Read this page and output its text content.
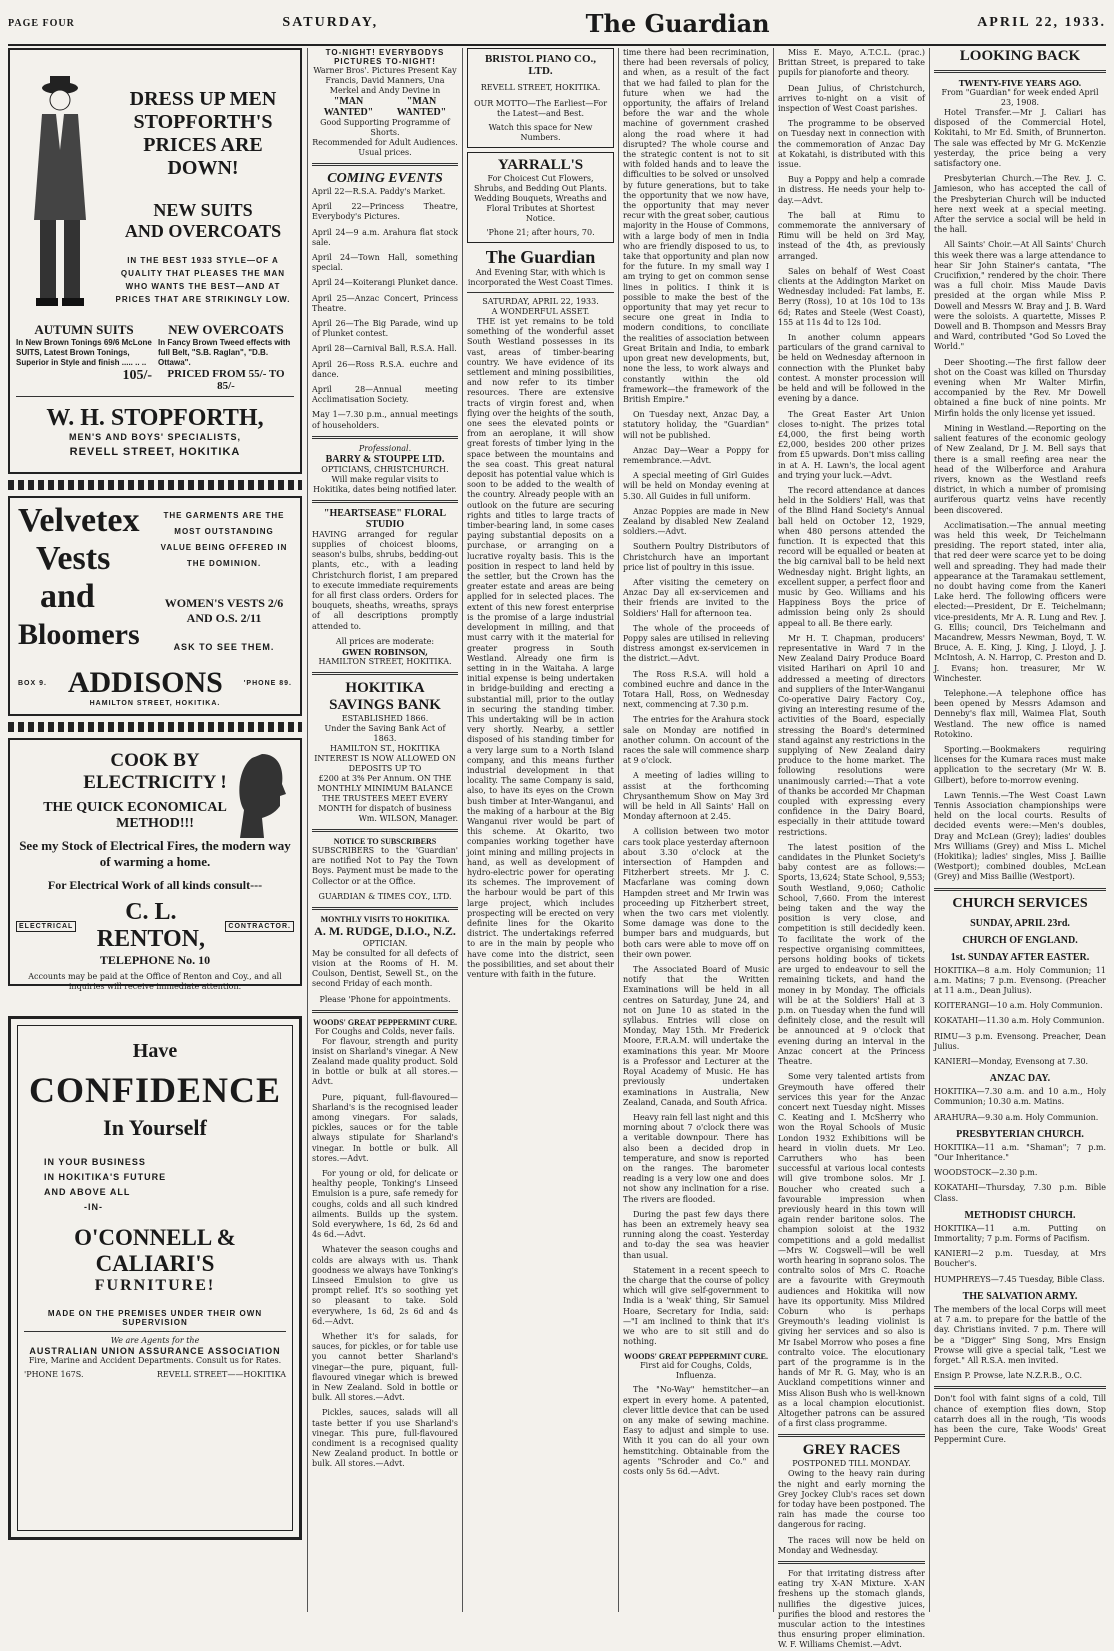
PAGE FOUR	SATURDAY,	The Guardian	APRIL 22, 1933.
DRESS UP MEN
STOPFORTH'S
PRICES ARE DOWN!
NEW SUITS
AND OVERCOATS
IN THE BEST 1933 STYLE—OF A QUALITY THAT PLEASES THE MAN WHO WANTS THE BEST—AND AT PRICES THAT ARE STRIKINGLY LOW.
AUTUMN SUITS
In New Brown Tonings 69/6 McLone SUITS, Latest Brown Tonings, Superior in Style and finish ..... .. ..
105/-
NEW OVERCOATS
In Fancy Brown Tweed effects with full Belt, "S.B. Raglan", "D.B. Ottawa".
PRICED FROM 55/- TO 85/-
W. H. STOPFORTH,
MEN'S AND BOYS' SPECIALISTS,
REVELL STREET, HOKITIKA
Velvetex
Vests
and
Bloomers
THE GARMENTS ARE THE MOST OUTSTANDING VALUE BEING OFFERED IN THE DOMINION.
WOMEN'S VESTS 2/6
AND O.S. 2/11
ASK TO SEE THEM.
BOX 9. ADDISONS	'PHONE 89.
HAMILTON STREET, HOKITIKA.
COOK BY
ELECTRICITY !
THE QUICK ECONOMICAL
METHOD!!!
See my Stock of Electrical Fires, the modern way of warming a home.
For Electrical Work of all kinds consult---
ELECTRICAL
C. L. RENTON,	CONTRACTOR.
TELEPHONE No. 10
Accounts may be paid at the Office of Renton and Coy., and all inquiries will receive immediate attention.
Have
CONFIDENCE
In Yourself
IN YOUR BUSINESS
IN HOKITIKA'S FUTURE
AND ABOVE ALL
-IN-
O'CONNELL & CALIARI'S
FURNITURE!
MADE ON THE PREMISES UNDER THEIR OWN SUPERVISION
We are Agents for the
AUSTRALIAN UNION ASSURANCE ASSOCIATION
Fire, Marine and Accident Departments. Consult us for Rates.
'PHONE 167S.	REVELL STREET——HOKITIKA
TO-NIGHT! EVERYBODYS PICTURES TO-NIGHT!
Warner Bros'. Pictures Present Kay Francis, David Manners, Una Merkel and Andy Devine in
"MAN WANTED"
"MAN WANTED"
Good Supporting Programme of Shorts.
Recommended for Adult Audiences. Usual prices.
COMING EVENTS
April 22—R.S.A. Paddy's Market.
April 22—Princess Theatre, Everybody's Pictures.
April 24—9 a.m. Arahura flat stock sale.
April 24—Town Hall, something special.
April 24—Koiterangi Plunket dance.
April 25—Anzac Concert, Princess Theatre.
April 26—The Big Parade, wind up of Plunket contest.
April 28—Carnival Ball, R.S.A. Hall.
April 26—Ross R.S.A. euchre and dance.
April 28—Annual meeting Acclimatisation Society.
May 1—7.30 p.m., annual meetings of householders.
Professional.
BARRY & STOUPPE LTD.
OPTICIANS, CHRISTCHURCH.
Will make regular visits to Hokitika, dates being notified later.
"HEARTSEASE" FLORAL STUDIO
HAVING arranged for regular supplies of choicest blooms, season's bulbs, shrubs, bedding-out plants, etc., with a leading Christchurch florist, I am prepared to execute immediate requirements for all first class orders. Orders for bouquets, sheaths, wreaths, sprays of all descriptions promptly attended to.
All prices are moderate:
GWEN ROBINSON,
HAMILTON STREET, HOKITIKA.
HOKITIKA
SAVINGS BANK
ESTABLISHED 1866.
Under the Saving Bank Act of 1863.
HAMILTON ST., HOKITIKA
INTEREST IS NOW ALLOWED ON DEPOSITS UP TO
£200 at 3% Per Annum. ON THE MONTHLY MINIMUM BALANCE
THE TRUSTEES MEET EVERY MONTH for dispatch of business
Wm. WILSON, Manager.
NOTICE TO SUBSCRIBERS
SUBSCRIBERS to the 'Guardian' are notified Not to Pay the Town Boys. Payment must be made to the Collector or at the Office.
GUARDIAN & TIMES COY., LTD.
MONTHLY VISITS TO HOKITIKA.
A. M. RUDGE, D.I.O., N.Z.
OPTICIAN.
May be consulted for all defects of vision at the Rooms of H. M. Coulson, Dentist, Sewell St., on the second Friday of each month.
Please 'Phone for appointments.
WOODS' GREAT PEPPERMINT CURE.
For Coughs and Colds, never fails.
For flavour, strength and purity insist on Sharland's vinegar. A New Zealand made quality product. Sold in bottle or bulk at all stores.—Advt.
Pure, piquant, full-flavoured—Sharland's is the recognised leader among vinegars. For salads, pickles, sauces or for the table always stipulate for Sharland's vinegar. In bottle or bulk. All stores.—Advt.
For young or old, for delicate or healthy people, Tonking's Linseed Emulsion is a pure, safe remedy for coughs, colds and all such kindred ailments. Builds up the system. Sold everywhere, 1s 6d, 2s 6d and 4s 6d.—Advt.
Whatever the season coughs and colds are always with us. Thank goodness we always have Tonking's Linseed Emulsion to give us prompt relief. It's so soothing yet so pleasant to take. Sold everywhere, 1s 6d, 2s 6d and 4s 6d.—Advt.
Whether it's for salads, for sauces, for pickles, or for table use you cannot better Sharland's vinegar—the pure, piquant, full-flavoured vinegar which is brewed in New Zealand. Sold in bottle or bulk. All stores.—Advt.
Pickles, sauces, salads will all taste better if you use Sharland's vinegar. This pure, full-flavoured condiment is a recognised quality New Zealand product. In bottle or bulk. All stores.—Advt.
BRISTOL PIANO CO., LTD.
REVELL STREET, HOKITIKA.
OUR MOTTO—The Earliest—For the Latest—and Best.
Watch this space for New Numbers.
YARRALL'S
For Choicest Cut Flowers, Shrubs, and Bedding Out Plants.
Wedding Bouquets, Wreaths and Floral Tributes at Shortest Notice.
'Phone 21; after hours, 70.
The Guardian
And Evening Star, with which is incorporated the West Coast Times.
SATURDAY, APRIL 22, 1933.
A WONDERFUL ASSET.
THE ist yet remains to be told something of the wonderful asset South Westland possesses in its vast, areas of timber-bearing country. We have evidence of its settlement and mining possibilities, and now refer to its timber resources. There are extensive tracts of virgin forest and, when flying over the heights of the south, one sees the elevated points or from an aeroplane, it will show great forests of timber lying in the space between the mountains and the sea coast. This great natural deposit has potential value which is soon to be added to the wealth of the country. Already people with an outlook on the future are securing rights and titles to large tracts of timber-bearing land, in some cases paying substantial deposits on a purchase, or arranging on a lucrative royalty basis. This is the position in respect to land held by the settler, but the Crown has the greater estate and areas are being applied for in selected places. The extent of this new forest enterprise is the promise of a large industrial development in milling, and that must carry with it the material for greater progress in South Westland. Already one firm is setting in in the Waitaha. A large initial expense is being undertaken in bridge-building and erecting a substantial mill, prior to the outlay in securing the standing timber. This undertaking will be in action very shortly. Nearby, a settler disposed of his standing timber for a very large sum to a North Island company, and this means further industrial development in that locality. The same Company is said, also, to have its eyes on the Crown bush timber at Inter-Wanganui, and the making of a harbour at the Big Wanganui river would be part of this scheme. At Okarito, two companies working together have joint mining and milling projects in hand, as well as development of hydro-electric power for operating its schemes. The improvement of the harbour would be part of this large project, which includes prospecting will be erected on very definite lines for the Okarito district. The undertakings referred to are in the main by people who have come into the district, seen the possibilities, and set about their venture with faith in the future.
time there had been recrimination, there had been reversals of policy, and when, as a result of the fact that we had failed to plan for the future when we had the opportunity, the affairs of Ireland before the war and the whole machine of government crashed along the road where it had disrupted? The whole course and the strategic content is not to sit with folded hands and to leave the difficulties to be solved or unsolved by future generations, but to take the opportunity that we now have, the opportunity that may never recur with the great sober, cautious majority in the House of Commons, with a large body of men in India who are friendly disposed to us, to take that opportunity and plan now for the future. In my small way I am trying to get on common sense lines in politics. I think it is possible to make the best of the opportunity that may yet recur to secure one great in India to modern conditions, to conciliate the realities of association between Great Britain and India, to embark upon great new developments, but, none the less, to work always and constantly within the old framework—the framework of the British Empire."
On Tuesday next, Anzac Day, a statutory holiday, the "Guardian" will not be published.
Anzac Day—Wear a Poppy for remembrance.—Advt.
A special meeting of Girl Guides will be held on Monday evening at 5.30. All Guides in full uniform.
Anzac Poppies are made in New Zealand by disabled New Zealand soldiers.—Advt.
Southern Poultry Distributors of Christchurch have an important price list of poultry in this issue.
After visiting the cemetery on Anzac Day all ex-servicemen and their friends are invited to the Soldiers' Hall for afternoon tea.
The whole of the proceeds of Poppy sales are utilised in relieving distress amongst ex-servicemen in the district.—Advt.
The Ross R.S.A. will hold a combined euchre and dance in the Totara Hall, Ross, on Wednesday next, commencing at 7.30 p.m.
The entries for the Arahura stock sale on Monday are notified in another column. On account of the races the sale will commence sharp at 9 o'clock.
A meeting of ladies willing to assist at the forthcoming Chrysanthemum Show on May 3rd will be held in All Saints' Hall on Monday afternoon at 2.45.
A collision between two motor cars took place yesterday afternoon about 3.30 o'clock at the intersection of Hampden and Fitzherbert streets. Mr J. C. Macfarlane was coming down Hampden street and Mr Irwin was proceeding up Fitzherbert street, when the two cars met violently. Some damage was done to the bumper bars and mudguards, but both cars were able to move off on their own power.
The Associated Board of Music notify that the Written Examinations will be held in all centres on Saturday, June 24, and not on June 10 as stated in the syllabus. Entries will close on Monday, May 15th. Mr Frederick Moore, F.R.A.M. will undertake the examinations this year. Mr Moore is a Professor and Lecturer at the Royal Academy of Music. He has previously undertaken examinations in Australia, New Zealand, Canada, and South Africa.
Heavy rain fell last night and this morning about 7 o'clock there was a veritable downpour. There has also been a decided drop in temperature, and snow is reported on the ranges. The barometer reading is a very low one and does not show any inclination for a rise. The rivers are flooded.
During the past few days there has been an extremely heavy sea running along the coast. Yesterday and to-day the sea was heavier than usual.
Statement in a recent speech to the charge that the course of policy which will give self-government to India is a 'weak' thing, Sir Samuel Hoare, Secretary for India, said:—"I am inclined to think that it's we who are to sit still and do nothing.
WOODS' GREAT PEPPERMINT CURE.
First aid for Coughs, Colds, Influenza.
The "No-Way" hemstitcher—an expert in every home. A patented, clever little device that can be used on any make of sewing machine. Easy to adjust and simple to use. With it you can do all your own hemstitching. Obtainable from the agents "Schroder and Co." and costs only 5s 6d.—Advt.
Miss E. Mayo, A.T.C.L. (prac.) Brittan Street, is prepared to take pupils for pianoforte and theory.
Dean Julius, of Christchurch, arrives to-night on a visit of inspection of West Coast parishes.
The programme to be observed on Tuesday next in connection with the commemoration of Anzac Day at Kokatahi, is distributed with this issue.
Buy a Poppy and help a comrade in distress. He needs your help to-day.—Advt.
The ball at Rimu to commemorate the anniversary of Rimu will be held on 3rd May, instead of the 4th, as previously arranged.
Sales on behalf of West Coast clients at the Addington Market on Wednesday included: Fat lambs, E. Berry (Ross), 10 at 10s 10d to 13s 6d; Rates and Steele (West Coast), 155 at 11s 4d to 12s 10d.
In another column appears particulars of the grand carnival to be held on Wednesday afternoon in connection with the Plunket baby contest. A monster procession will be held and will be followed in the evening by a dance.
The Great Easter Art Union closes to-night. The prizes total £4,000, the first being worth £2,000, besides 200 other prizes from £5 upwards. Don't miss calling in at A. H. Lawn's, the local agent and trying your luck.—Advt.
The record attendance at dances held in the Soldiers' Hall, was that of the Blind Hand Society's Annual ball held on October 12, 1929, when 480 persons attended the function. It is expected that this record will be equalled or beaten at the big carnival ball to be held next Wednesday night. Bright lights, an excellent supper, a perfect floor and music by Geo. Williams and his Happiness Boys the price of admission being only 2s should appeal to all. Be there early.
Mr H. T. Chapman, producers' representative in Ward 7 in the New Zealand Dairy Produce Board visited Harihari on April 10 and addressed a meeting of directors and suppliers of the Inter-Wanganui Co-operative Dairy Factory Coy., giving an interesting resume of the activities of the Board, especially stressing the Board's determined stand against any restrictions in the supplying of New Zealand dairy produce to the home market. The following resolutions were unanimously carried:—That a vote of thanks be accorded Mr Chapman coupled with expressing every confidence in the Dairy Board, especially in their attitude toward restrictions.
The latest position of the candidates in the Plunket Society's baby contest are as follows:—Sports, 13,624; State School, 9,553; South Westland, 9,060; Catholic School, 7,660. From the interest being taken and the way the position is very close, and competition is still decidedly keen. To facilitate the work of the respective organising committees, persons holding books of tickets are urged to endeavour to sell the remaining tickets, and hand the money in by Monday. The officials will be at the Soldiers' Hall at 3 p.m. on Tuesday when the fund will definitely close, and the result will be announced at 9 o'clock that evening during an interval in the Anzac concert at the Princess Theatre.
Some very talented artists from Greymouth have offered their services this year for the Anzac concert next Tuesday night. Misses C. Keating and I. McSherry who won the Royal Schools of Music London 1932 Exhibitions will be heard in violin duets. Mr Leo. Carruthers who has been successful at various local contests will give trombone solos. Mr J. Boucher who created such a favourable impression when previously heard in this town will again render baritone solos. The champion soloist at the 1932 competitions and a gold medallist —Mrs W. Cogswell—will be well worth hearing in soprano solos. The contralto solos of Mrs C. Roache are a favourite with Greymouth audiences and Hokitika will now have its opportunity. Miss Mildred Coburn who is perhaps Greymouth's leading violinist is giving her services and so also is Mr Isabel Morrow who poses a fine contralto voice. The elocutionary part of the programme is in the hands of Mr R. G. May, who is an Auckland competitions winner and Miss Alison Bush who is well-known as a local champion elocutionist. Altogether patrons can be assured of a first class programme.
GREY RACES
POSTPONED TILL MONDAY.
Owing to the heavy rain during the night and early morning the Grey Jockey Club's races set down for today have been postponed. The rain has made the course too dangerous for racing.
The races will now be held on Monday and Wednesday.
For that irritating distress after eating try X-AN Mixture. X-AN freshens up the stomach glands, nullifies the digestive juices, purifies the blood and restores the muscular action to the intestines thus ensuring proper elimination. W. F. Williams Chemist.—Advt.
LOOKING BACK
TWENTY-FIVE YEARS AGO.
From "Guardian" for week ended April 23, 1908.
Hotel Transfer.—Mr J. Caliari has disposed of the Commercial Hotel, Kokitahi, to Mr Ed. Smith, of Brunnerton. The sale was effected by Mr G. McKenzie yesterday, the price being a very satisfactory one.
Presbyterian Church.—The Rev. J. C. Jamieson, who has accepted the call of the Presbyterian Church will be inducted here next week at a special meeting. After the service a social will be held in the hall.
All Saints' Choir.—At All Saints' Church this week there was a large attendance to hear Sir John Stainer's cantata, "The Crucifixion," rendered by the choir. There was a full choir. Miss Maude Davis presided at the organ while Miss P. Dowell and Messrs W. Bray and J. B. Ward were the soloists. A quartette, Misses P. Dowell and B. Thompson and Messrs Bray and Ward, contributed "God So Loved the World."
Deer Shooting.—The first fallow deer shot on the Coast was killed on Thursday evening when Mr Walter Mirfin, accompanied by the Rev. Mr Dowell obtained a fine buck of nine points. Mr Mirfin holds the only license yet issued.
Mining in Westland.—Reporting on the salient features of the economic geology of New Zealand, Dr J. M. Bell says that there is a small reefing area near the head of the Wilberforce and Arahura rivers, known as the Westland reefs district, in which a number of promising auriferous quartz veins have recently been discovered.
Acclimatisation.—The annual meeting was held this week, Dr Teichelmann presiding. The report stated, inter alia, that red deer were scarce yet to be doing well and spreading. They had made their appearance at the Taramakau settlement, no doubt having come from the Kaneri Lake herd. The following officers were elected:—President, Dr E. Teichelmann; vice-presidents, Mr A. R. Lung and Rev. J. G. Ellis; council, Drs Teichelmann and Macandrew, Messrs Newman, Boyd, T. W. Bruce, A. E. King, J. King, J. Lloyd, J. J. McIntosh, A. N. Harrop, C. Preston and D. J. Evans; hon. treasurer, Mr W. Winchester.
Telephone.—A telephone office has been opened by Messrs Adamson and Denneby's flax mill, Waimea Flat, South Westland. The new office is named Rotokino.
Sporting.—Bookmakers requiring licenses for the Kumara races must make application to the secretary (Mr W. B. Gilbert), before to-morrow evening.
Lawn Tennis.—The West Coast Lawn Tennis Association championships were held on the local courts. Results of decided events were:—Men's doubles, Dray and McLean (Grey); ladies' doubles Mrs Williams (Grey) and Miss L. Michel (Hokitika); ladies' singles, Miss J. Baillie (Westport); combined doubles, McLean (Grey) and Miss Baillie (Westport).
CHURCH SERVICES
SUNDAY, APRIL 23rd.
CHURCH OF ENGLAND.
1st. SUNDAY AFTER EASTER.
HOKITIKA—8 a.m. Holy Communion; 11 a.m. Matins; 7 p.m. Evensong. (Preacher at 11 a.m., Dean Julius).
KOITERANGI—10 a.m. Holy Communion.
KOKATAHI—11.30 a.m. Holy Communion.
RIMU—3 p.m. Evensong. Preacher, Dean Julius.
KANIERI—Monday, Evensong at 7.30.
ANZAC DAY.
HOKITIKA—7.30 a.m. and 10 a.m., Holy Communion; 10.30 a.m. Matins.
ARAHURA—9.30 a.m. Holy Communion.
PRESBYTERIAN CHURCH.
HOKITIKA—11 a.m. "Shaman"; 7 p.m. "Our Inheritance."
WOODSTOCK—2.30 p.m.
KOKATAHI—Thursday, 7.30 p.m. Bible Class.
METHODIST CHURCH.
HOKITIKA—11 a.m. Putting on Immortality; 7 p.m. Forms of Pacifism.
KANIERI—2 p.m. Tuesday, at Mrs Boucher's.
HUMPHREYS—7.45 Tuesday, Bible Class.
THE SALVATION ARMY.
The members of the local Corps will meet at 7 a.m. to prepare for the battle of the day. Christians invited. 7 p.m. There will be a "Digger" Sing Song, Mrs Ensign Prowse will give a special talk, "Lest we forget." All R.S.A. men invited.
Ensign P. Prowse, late N.Z.R.B., O.C.
Don't fool with faint signs of a cold, Till chance of exemption flies down, Stop catarrh does all in the rough, 'Tis woods has been the cure, Take Woods' Great Peppermint Cure.
